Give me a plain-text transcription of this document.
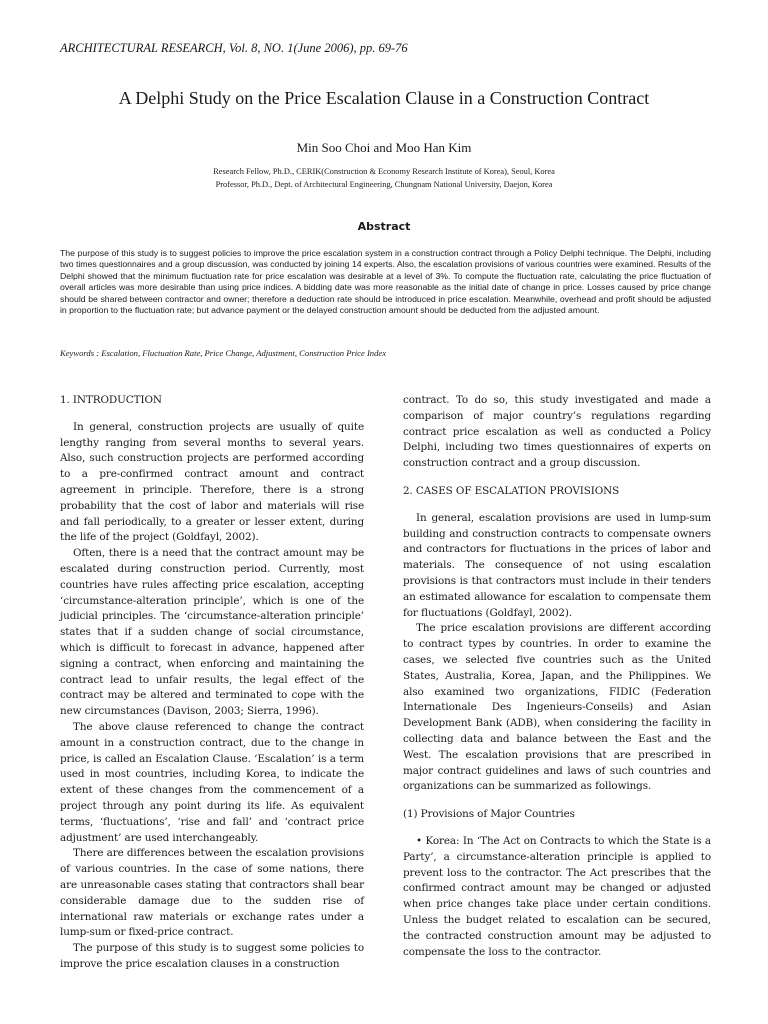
ARCHITECTURAL RESEARCH, Vol. 8, NO. 1(June 2006), pp. 69-76
A Delphi Study on the Price Escalation Clause in a Construction Contract
Min Soo Choi and Moo Han Kim
Research Fellow, Ph.D., CERIK(Construction & Economy Research Institute of Korea), Seoul, Korea
Professor, Ph.D., Dept. of Architectural Engineering, Chungnam National University, Daejon, Korea
Abstract

The purpose of this study is to suggest policies to improve the price escalation system in a construction contract through a Policy Delphi technique. The Delphi, including two times questionnaires and a group discussion, was conducted by joining 14 experts. Also, the escalation provisions of various countries were examined. Results of the Delphi showed that the minimum fluctuation rate for price escalation was desirable at a level of 3%. To compute the fluctuation rate, calculating the price fluctuation of overall articles was more desirable than using price indices. A bidding date was more reasonable as the initial date of change in price. Losses caused by price change should be shared between contractor and owner; therefore a deduction rate should be introduced in price escalation. Meanwhile, overhead and profit should be adjusted in proportion to the fluctuation rate; but advance payment or the delayed construction amount should be deducted from the adjusted amount.

Keywords : Escalation, Fluctuation Rate, Price Change, Adjustment, Construction Price Index
1. INTRODUCTION

In general, construction projects are usually of quite lengthy ranging from several months to several years. Also, such construction projects are performed according to a pre-confirmed contract amount and contract agreement in principle. Therefore, there is a strong probability that the cost of labor and materials will rise and fall periodically, to a greater or lesser extent, during the life of the project (Goldfayl, 2002).

Often, there is a need that the contract amount may be escalated during construction period. Currently, most countries have rules affecting price escalation, accepting ‘circumstance-alteration principle’, which is one of the judicial principles. The ‘circumstance-alteration principle’ states that if a sudden change of social circumstance, which is difficult to forecast in advance, happened after signing a contract, when enforcing and maintaining the contract lead to unfair results, the legal effect of the contract may be altered and terminated to cope with the new circumstances (Davison, 2003; Sierra, 1996).

The above clause referenced to change the contract amount in a construction contract, due to the change in price, is called an Escalation Clause. ‘Escalation’ is a term used in most countries, including Korea, to indicate the extent of these changes from the commencement of a project through any point during its life. As equivalent terms, ‘fluctuations’, ‘rise and fall’ and ‘contract price adjustment’ are used interchangeably.

There are differences between the escalation provisions of various countries. In the case of some nations, there are unreasonable cases stating that contractors shall bear considerable damage due to the sudden rise of international raw materials or exchange rates under a lump-sum or fixed-price contract.

The purpose of this study is to suggest some policies to improve the price escalation clauses in a construction

contract. To do so, this study investigated and made a comparison of major country’s regulations regarding contract price escalation as well as conducted a Policy Delphi, including two times questionnaires of experts on construction contract and a group discussion.

2. CASES OF ESCALATION PROVISIONS

In general, escalation provisions are used in lump-sum building and construction contracts to compensate owners and contractors for fluctuations in the prices of labor and materials. The consequence of not using escalation provisions is that contractors must include in their tenders an estimated allowance for escalation to compensate them for fluctuations (Goldfayl, 2002).

The price escalation provisions are different according to contract types by countries. In order to examine the cases, we selected five countries such as the United States, Australia, Korea, Japan, and the Philippines. We also examined two organizations, FIDIC (Federation Internationale Des Ingenieurs-Conseils) and Asian Development Bank (ADB), when considering the facility in collecting data and balance between the East and the West. The escalation provisions that are prescribed in major contract guidelines and laws of such countries and organizations can be summarized as followings.

(1) Provisions of Major Countries

• Korea: In ‘The Act on Contracts to which the State is a Party’, a circumstance-alteration principle is applied to prevent loss to the contractor. The Act prescribes that the confirmed contract amount may be changed or adjusted when price changes take place under certain conditions. Unless the budget related to escalation can be secured, the contracted construction amount may be adjusted to compensate the loss to the contractor.
